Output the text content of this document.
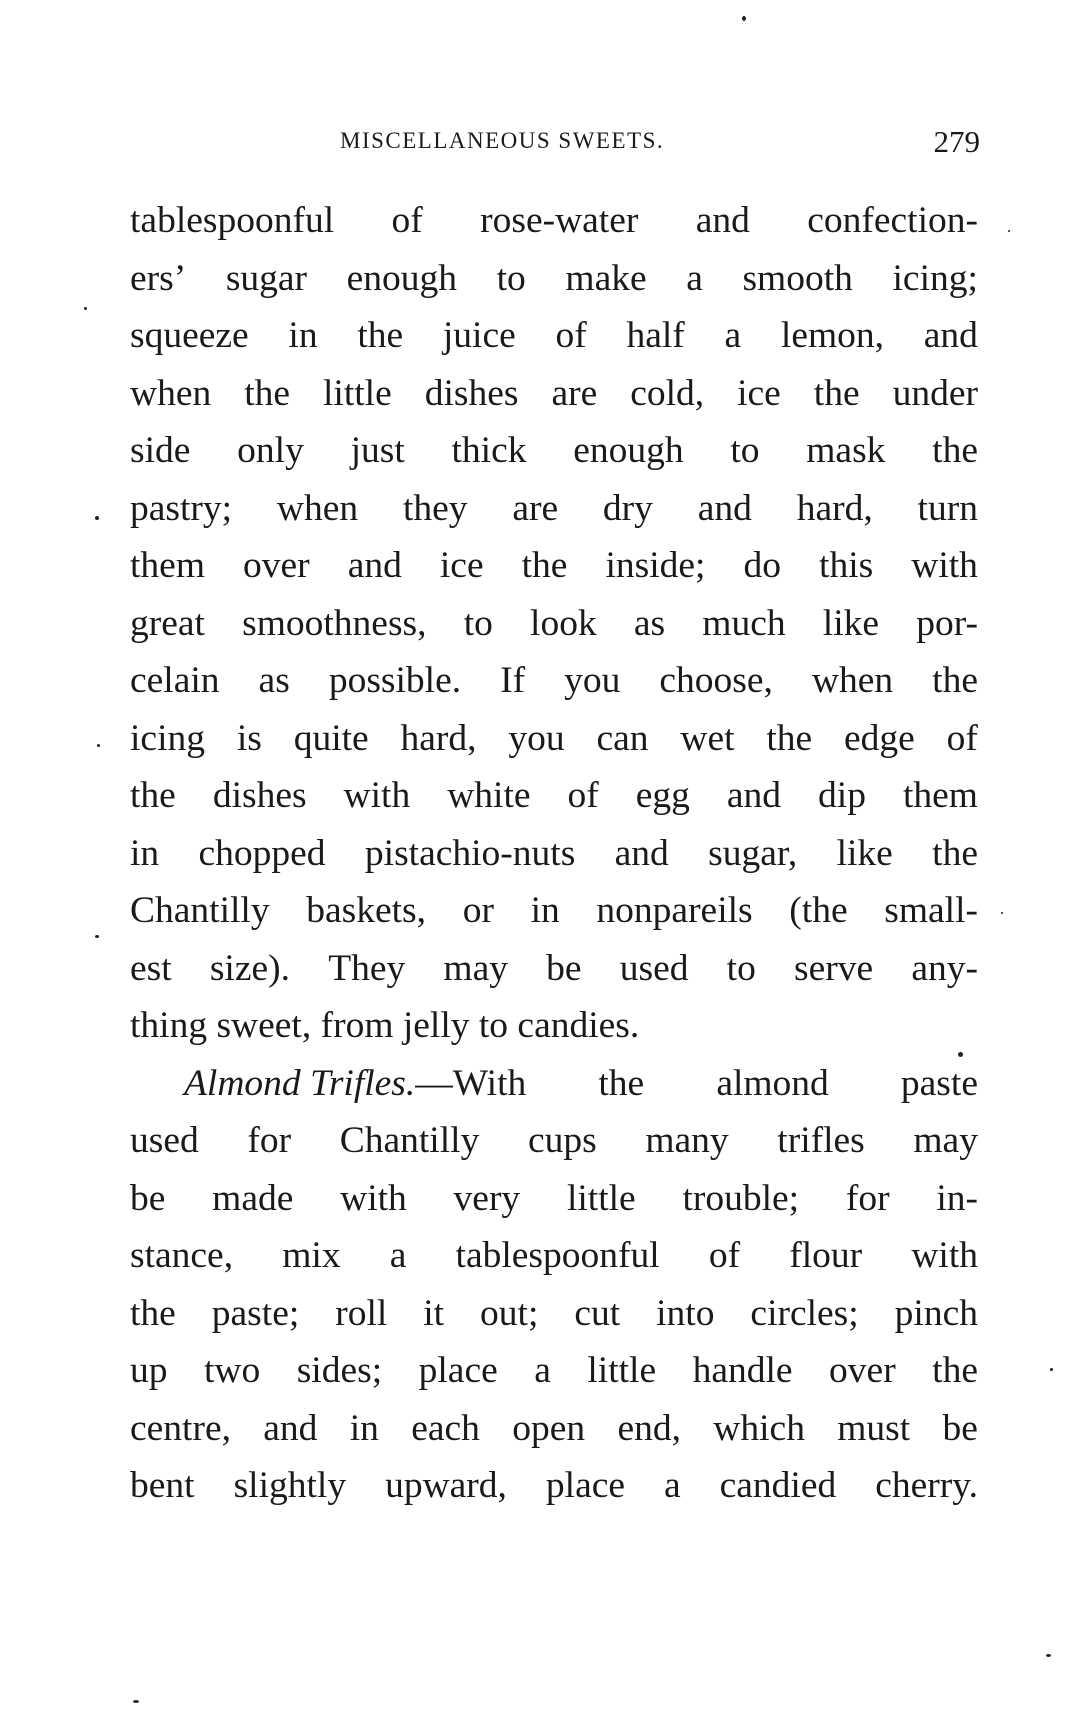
MISCELLANEOUS SWEETS.	279
tablespoonful of rose-water and confection-
ers’ sugar enough to make a smooth icing;
squeeze in the juice of half a lemon, and
when the little dishes are cold, ice the under
side only just thick enough to mask the
pastry; when they are dry and hard, turn
them over and ice the inside; do this with
great smoothness, to look as much like por-
celain as possible. If you choose, when the
icing is quite hard, you can wet the edge of
the dishes with white of egg and dip them
in chopped pistachio-nuts and sugar, like the
Chantilly baskets, or in nonpareils (the small-
est size). They may be used to serve any-
thing sweet, from jelly to candies.
Almond Trifles.—With the almond paste
used for Chantilly cups many trifles may
be made with very little trouble; for in-
stance, mix a tablespoonful of flour with
the paste; roll it out; cut into circles; pinch
up two sides; place a little handle over the
centre, and in each open end, which must be
bent slightly upward, place a candied cherry.
